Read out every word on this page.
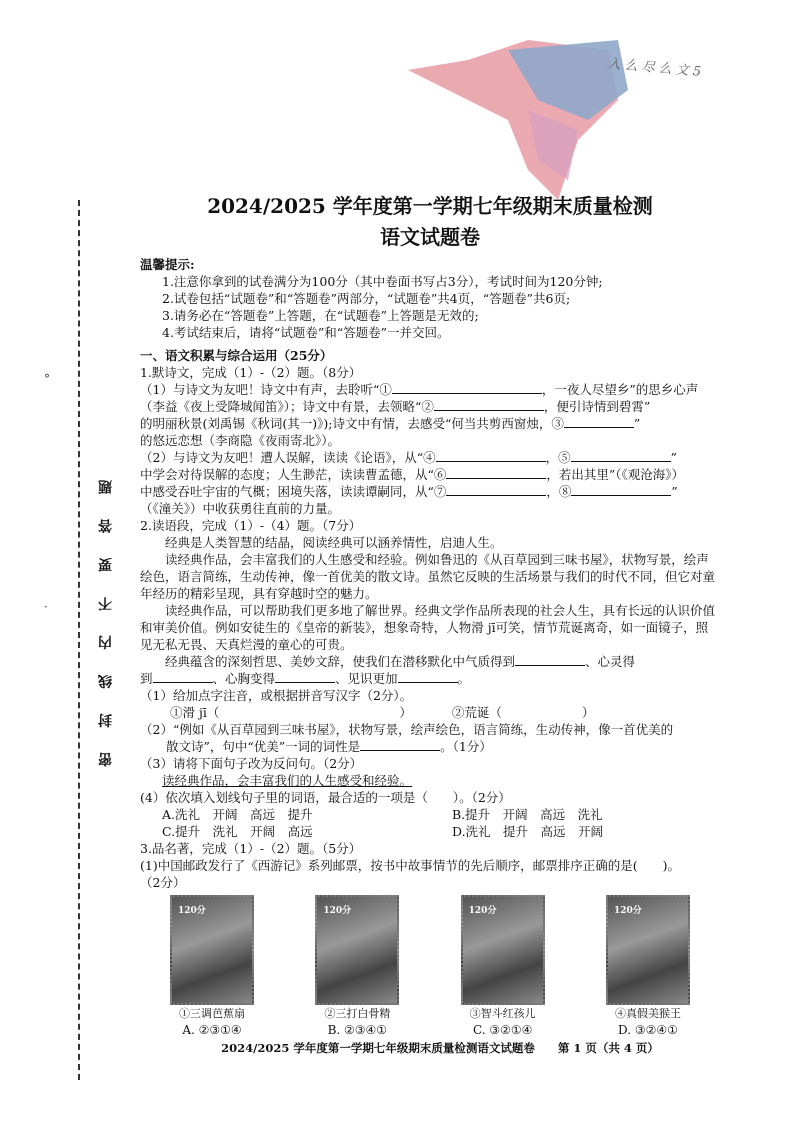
入 么 尽 么 文 5
°
·	密 封 线 内 不 要 答 题
2024/2025 学年度第一学期七年级期末质量检测
语文试题卷

温馨提示:

1.注意你拿到的试卷满分为100分（其中卷面书写占3分），考试时间为120分钟;

2.试卷包括“试题卷”和“答题卷”两部分，“试题卷”共4页，“答题卷”共6页;

3.请务必在“答题卷”上答题，在“试题卷”上答题是无效的;

4.考试结束后，请将“试题卷”和“答题卷”一并交回。

一、语文积累与综合运用（25分）

1.默诗文，完成（1）-（2）题。（8分）

（1）与诗文为友吧！诗文中有声，去聆听“①	，一夜人尽望乡”的思乡心声

（李益《夜上受降城闻笛》）；诗文中有景，去领略“②	，便引诗情到碧霄”

的明丽秋景(刘禹锡《秋词(其一)》);诗文中有情，去感受“何当共剪西窗烛，③	”

的悠远恋想（李商隐《夜雨寄北》）。

（2）与诗文为友吧！遭人误解，读读《论语》，从“④	，⑤	”

中学会对待误解的态度；人生渺茫，读读曹孟德，从“⑥	，若出其里”（《观沧海》）

中感受吞吐宇宙的气概；困境失落，读读谭嗣同，从“⑦	，⑧	”

（《潼关》）中收获勇往直前的力量。

2.读语段，完成（1）-（4）题。（7分）

经典是人类智慧的结晶，阅读经典可以涵养情性，启迪人生。

读经典作品，会丰富我们的人生感受和经验。例如鲁迅的《从百草园到三味书屋》，状物写景，绘声绘色，语言简练，生动传神，像一首优美的散文诗。虽然它反映的生活场景与我们的时代不同，但它对童年经历的精彩呈现，具有穿越时空的魅力。

读经典作品，可以帮助我们更多地了解世界。经典文学作品所表现的社会人生，具有长远的认识价值和审美价值。例如安徒生的《皇帝的新装》，想象奇特，人物滑 jī可笑，情节荒诞离奇，如一面镜子，照见无私无畏、天真烂漫的童心的可贵。

经典蕴含的深刻哲思、美妙文辞，使我们在潜移默化中气质得到	、心灵得

到	、心胸变得	、见识更加	。

（1）给加点字注音，或根据拼音写汉字（2分）。

①滑 jī（	）	②荒诞（	）

（2）“例如《从百草园到三味书屋》，状物写景，绘声绘色，语言简练，生动传神，像一首优美的

散文诗”，句中“优美”一词的词性是	。（1分）

（3）请将下面句子改为反问句。（2分）

读经典作品，会丰富我们的人生感受和经验。

(4）依次填入划线句子里的词语，最合适的一项是（　　）。（2分）

A.洗礼　开阔　高远　提升	B.提升　开阔　高远　洗礼
C.提升　洗礼　开阔　高远	D.洗礼　提升　高远　开阔

3.品名著，完成（1）-（2）题。（5分）

(1)中国邮政发行了《西游记》系列邮票，按书中故事情节的先后顺序，邮票排序正确的是(　　)。

（2分）

120分
①三调芭蕉扇
A. ②③①④
120分
②三打白骨精
B. ②③④①
120分
③智斗红孩儿
C. ③②①④
120分
④真假美猴王
D. ③②④①
2024/2025 学年度第一学期七年级期末质量检测语文试题卷　　第 1 页（共 4 页）
